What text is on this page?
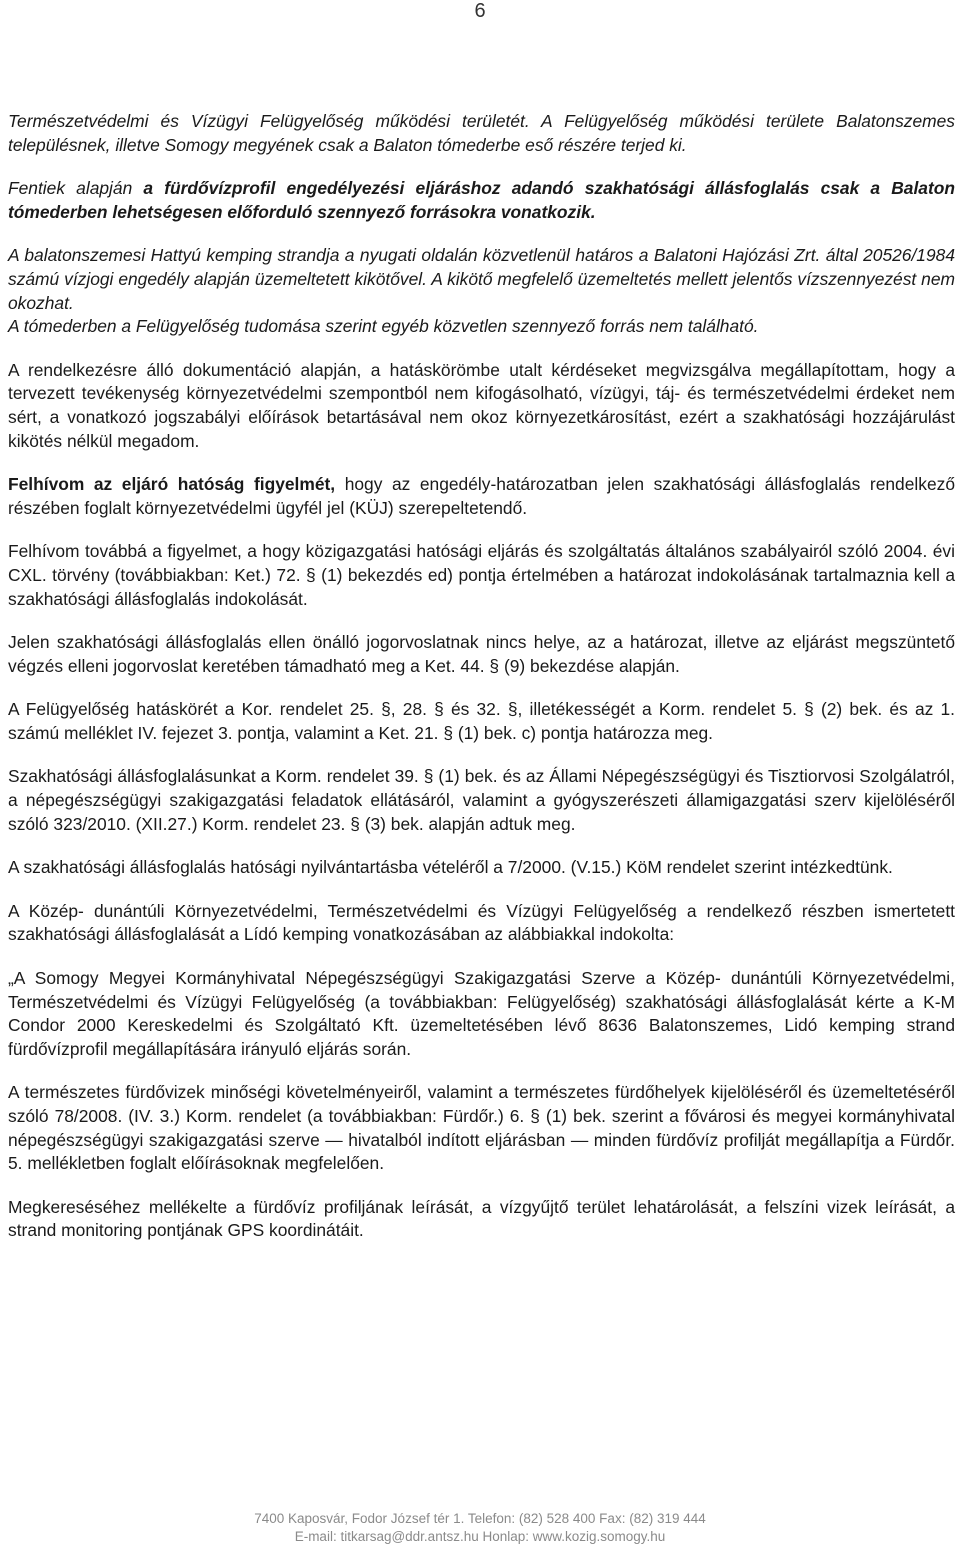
6

Természetvédelmi és Vízügyi Felügyelőség működési területét. A Felügyelőség működési területe Balatonszemes településnek, illetve Somogy megyének csak a Balaton tómederbe eső részére terjed ki.

Fentiek alapján a fürdővízprofil engedélyezési eljáráshoz adandó szakhatósági állásfoglalás csak a Balaton tómederben lehetségesen előforduló szennyező forrásokra vonatkozik.

A balatonszemesi Hattyú kemping strandja a nyugati oldalán közvetlenül határos a Balatoni Hajózási Zrt. által 20526/1984 számú vízjogi engedély alapján üzemeltetett kikötővel. A kikötő megfelelő üzemeltetés mellett jelentős vízszennyezést nem okozhat.

A tómederben a Felügyelőség tudomása szerint egyéb közvetlen szennyező forrás nem található.

A rendelkezésre álló dokumentáció alapján, a hatáskörömbe utalt kérdéseket megvizsgálva megállapítottam, hogy a tervezett tevékenység környezetvédelmi szempontból nem kifogásolható, vízügyi, táj- és természetvédelmi érdeket nem sért, a vonatkozó jogszabályi előírások betartásával nem okoz környezetkárosítást, ezért a szakhatósági hozzájárulást kikötés nélkül megadom.

Felhívom az eljáró hatóság figyelmét, hogy az engedély-határozatban jelen szakhatósági állásfoglalás rendelkező részében foglalt környezetvédelmi ügyfél jel (KÜJ) szerepeltetendő.

Felhívom továbbá a figyelmet, a hogy közigazgatási hatósági eljárás és szolgáltatás általános szabályairól szóló 2004. évi CXL. törvény (továbbiakban: Ket.) 72. § (1) bekezdés ed) pontja értelmében a határozat indokolásának tartalmaznia kell a szakhatósági állásfoglalás indokolását.

Jelen szakhatósági állásfoglalás ellen önálló jogorvoslatnak nincs helye, az a határozat, illetve az eljárást megszüntető végzés elleni jogorvoslat keretében támadható meg a Ket. 44. § (9) bekezdése alapján.

A Felügyelőség hatáskörét a Kor. rendelet 25. §, 28. § és 32. §, illetékességét a Korm. rendelet 5. § (2) bek. és az 1. számú melléklet IV. fejezet 3. pontja, valamint a Ket. 21. § (1) bek. c) pontja határozza meg.

Szakhatósági állásfoglalásunkat a Korm. rendelet 39. § (1) bek. és az Állami Népegészségügyi és Tisztiorvosi Szolgálatról, a népegészségügyi szakigazgatási feladatok ellátásáról, valamint a gyógyszerészeti államigazgatási szerv kijelöléséről szóló 323/2010. (XII.27.) Korm. rendelet 23. § (3) bek. alapján adtuk meg.

A szakhatósági állásfoglalás hatósági nyilvántartásba vételéről a 7/2000. (V.15.) KöM rendelet szerint intézkedtünk.

A Közép- dunántúli Környezetvédelmi, Természetvédelmi és Vízügyi Felügyelőség a rendelkező részben ismertetett szakhatósági állásfoglalását a Lídó kemping vonatkozásában az alábbiakkal indokolta:

„A Somogy Megyei Kormányhivatal Népegészségügyi Szakigazgatási Szerve a Közép- dunántúli Környezetvédelmi, Természetvédelmi és Vízügyi Felügyelőség (a továbbiakban: Felügyelőség) szakhatósági állásfoglalását kérte a K-M Condor 2000 Kereskedelmi és Szolgáltató Kft. üzemeltetésében lévő 8636 Balatonszemes, Lidó kemping strand fürdővízprofil megállapítására irányuló eljárás során.

A természetes fürdővizek minőségi követelményeiről, valamint a természetes fürdőhelyek kijelöléséről és üzemeltetéséről szóló 78/2008. (IV. 3.) Korm. rendelet (a továbbiakban: Fürdőr.) 6. § (1) bek. szerint a fővárosi és megyei kormányhivatal népegészségügyi szakigazgatási szerve — hivatalból indított eljárásban — minden fürdővíz profilját megállapítja a Fürdőr. 5. mellékletben foglalt előírásoknak megfelelően.

Megkereséséhez mellékelte a fürdővíz profiljának leírását, a vízgyűjtő terület lehatárolását, a felszíni vizek leírását, a strand monitoring pontjának GPS koordinátáit.

7400 Kaposvár, Fodor József tér 1. Telefon: (82) 528 400 Fax: (82) 319 444
E-mail: titkarsag@ddr.antsz.hu Honlap: www.kozig.somogy.hu
